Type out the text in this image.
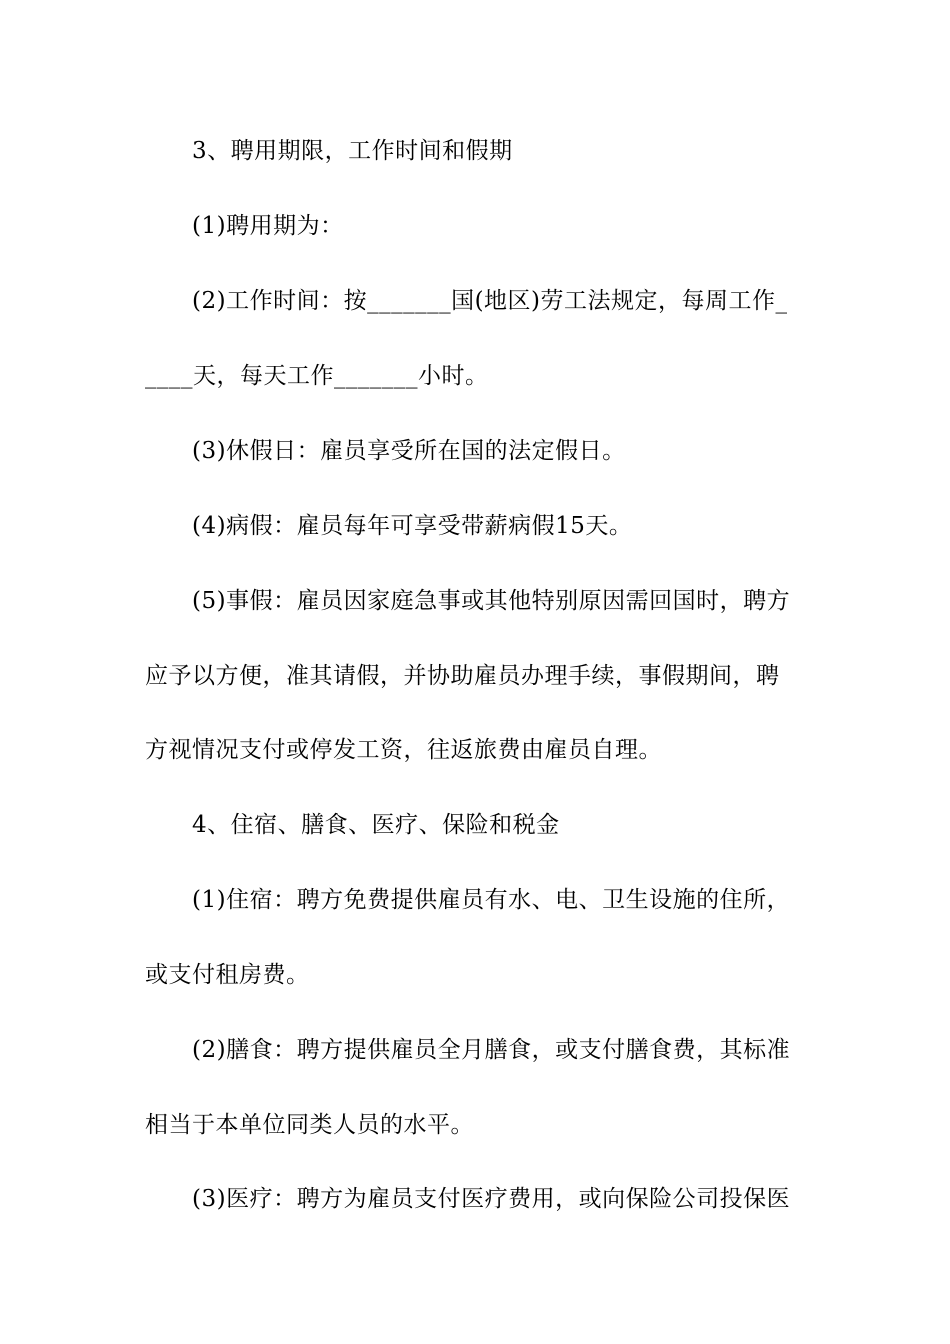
3、聘用期限，工作时间和假期
(1)聘用期为：
(2)工作时间：按_______国(地区)劳工法规定，每周工作_
____天，每天工作_______小时。
(3)休假日：雇员享受所在国的法定假日。
(4)病假：雇员每年可享受带薪病假15天。
(5)事假：雇员因家庭急事或其他特别原因需回国时，聘方
应予以方便，准其请假，并协助雇员办理手续，事假期间，聘
方视情况支付或停发工资，往返旅费由雇员自理。
4、住宿、膳食、医疗、保险和税金
(1)住宿：聘方免费提供雇员有水、电、卫生设施的住所，
或支付租房费。
(2)膳食：聘方提供雇员全月膳食，或支付膳食费，其标准
相当于本单位同类人员的水平。
(3)医疗：聘方为雇员支付医疗费用，或向保险公司投保医
